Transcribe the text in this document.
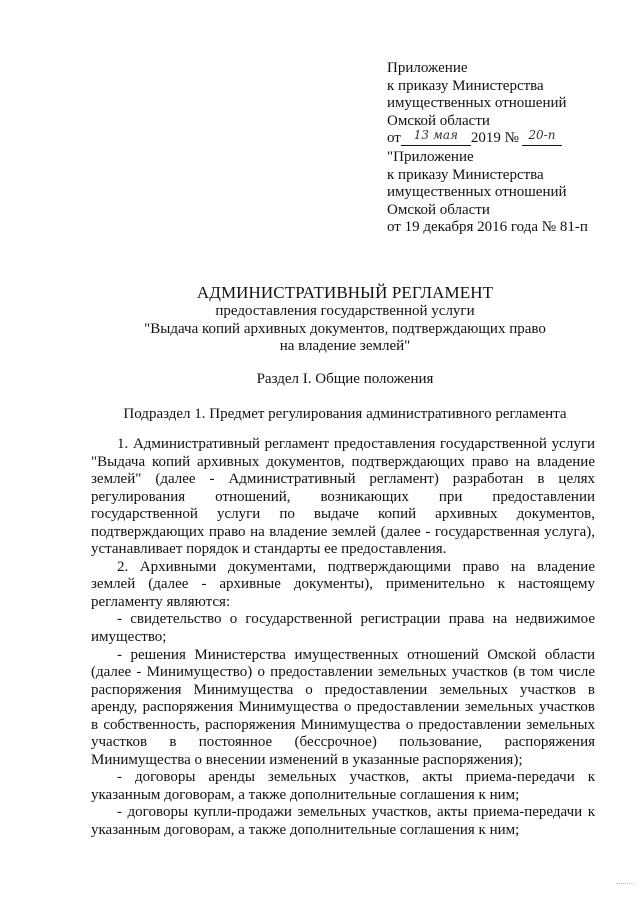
Приложение
к приказу Министерства
имущественных отношений
Омской области
от 13 мая 2019 № 20-п
"Приложение
к приказу Министерства
имущественных отношений
Омской области
от 19 декабря 2016 года № 81-п
АДМИНИСТРАТИВНЫЙ РЕГЛАМЕНТ
предоставления государственной услуги
"Выдача копий архивных документов, подтверждающих право
на владение землей"
Раздел I. Общие положения
Подраздел 1. Предмет регулирования административного регламента

1. Административный регламент предоставления государственной услуги "Выдача копий архивных документов, подтверждающих право на владение землей" (далее - Административный регламент) разработан в целях регулирования отношений, возникающих при предоставлении государственной услуги по выдаче копий архивных документов, подтверждающих право на владение землей (далее - государственная услуга), устанавливает порядок и стандарты ее предоставления.

2. Архивными документами, подтверждающими право на владение землей (далее - архивные документы), применительно к настоящему регламенту являются:

- свидетельство о государственной регистрации права на недвижимое имущество;

- решения Министерства имущественных отношений Омской области (далее - Минимущество) о предоставлении земельных участков (в том числе распоряжения Минимущества о предоставлении земельных участков в аренду, распоряжения Минимущества о предоставлении земельных участков в собственность, распоряжения Минимущества о предоставлении земельных участков в постоянное (бессрочное) пользование, распоряжения Минимущества о внесении изменений в указанные распоряжения);

- договоры аренды земельных участков, акты приема-передачи к указанным договорам, а также дополнительные соглашения к ним;

- договоры купли-продажи земельных участков, акты приема-передачи к указанным договорам, а также дополнительные соглашения к ним;
